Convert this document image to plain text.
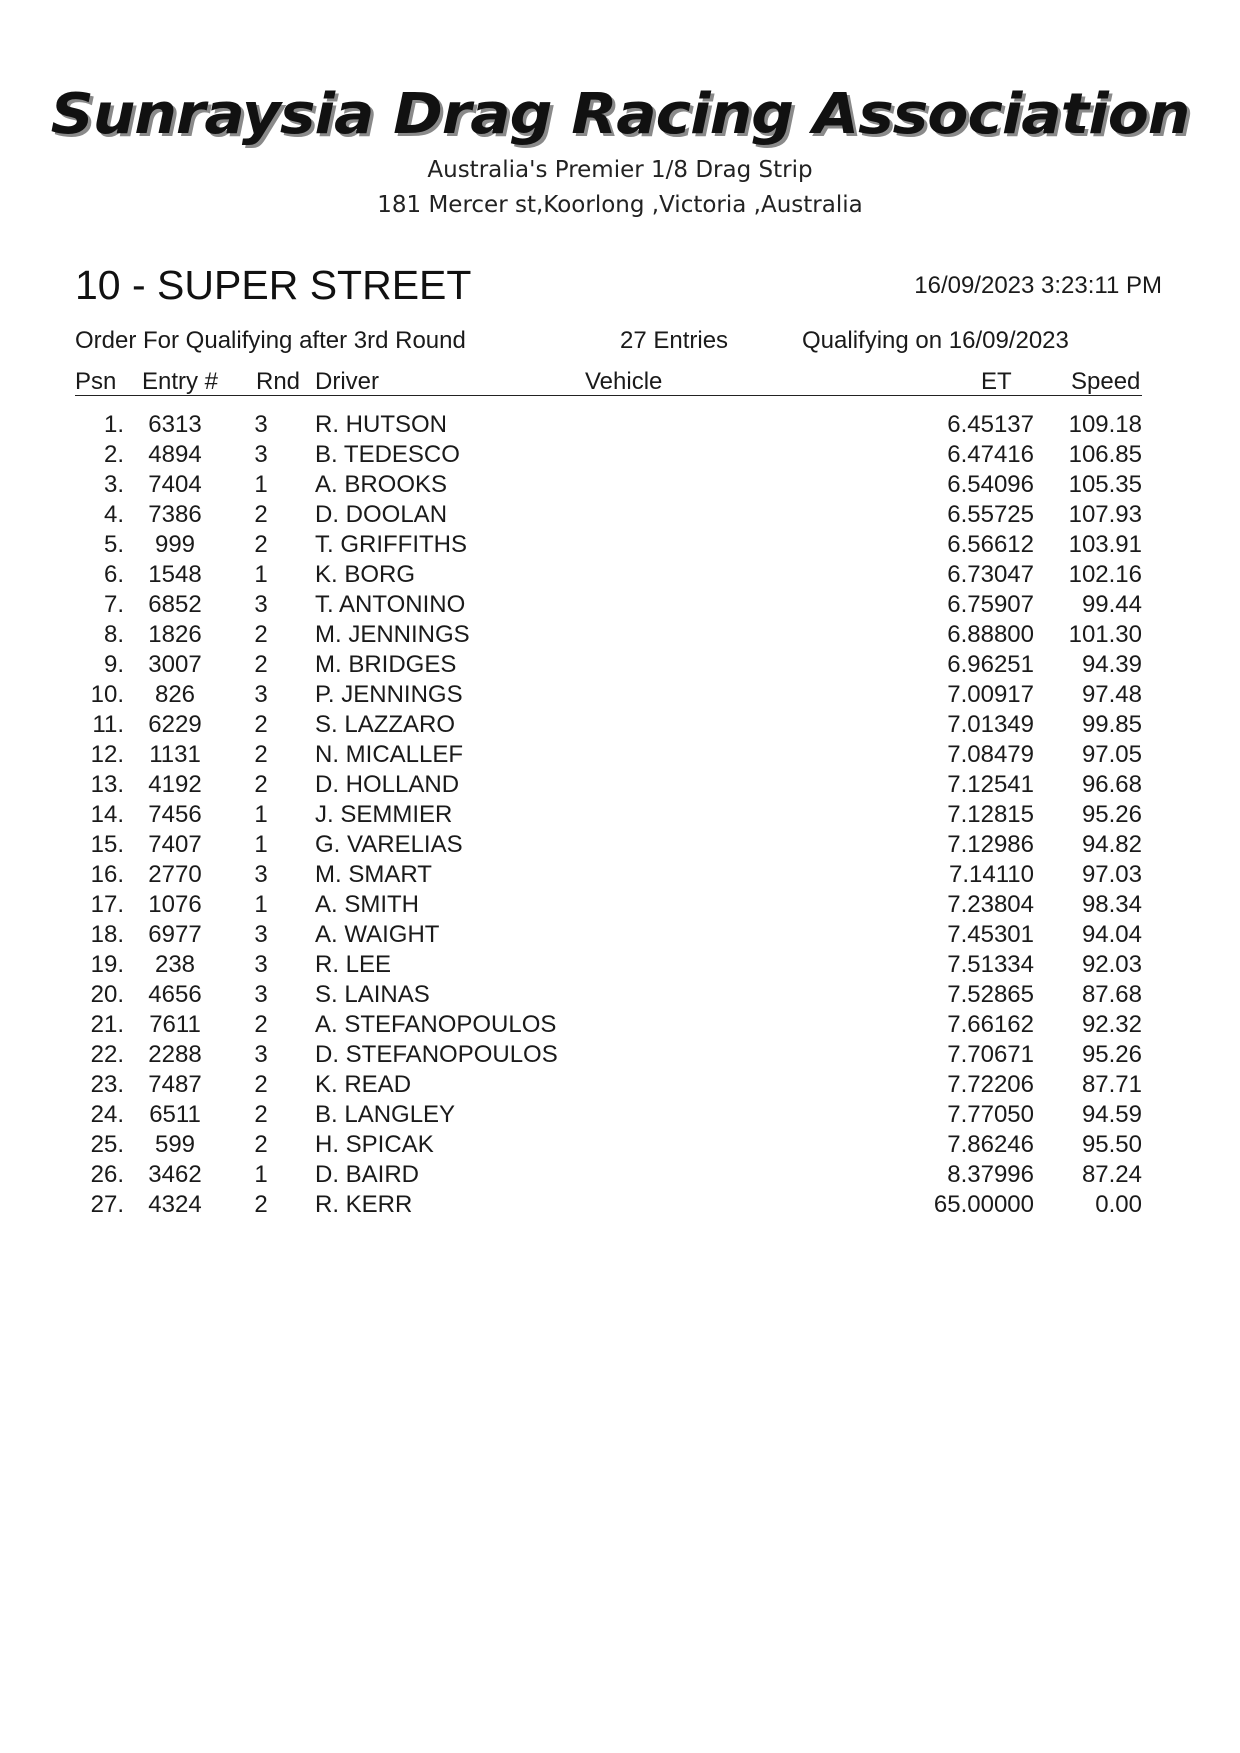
Sunraysia Drag Racing Association
Australia's Premier 1/8 Drag Strip
181 Mercer st,Koorlong ,Victoria ,Australia
10 - SUPER STREET	16/09/2023 3:23:11 PM
Order For Qualifying after 3rd Round	27 Entries	Qualifying on 16/09/2023
Psn Entry # Rnd Driver	Vehicle	ET Speed
1.	6313	3 R. HUTSON	6.45137 109.18
2.	4894	3 B. TEDESCO	6.47416 106.85
3.	7404	1 A. BROOKS	6.54096 105.35
4.	7386	2 D. DOOLAN	6.55725 107.93
5.	999	2 T. GRIFFITHS	6.56612 103.91
6.	1548	1 K. BORG	6.73047 102.16
7.	6852	3 T. ANTONINO	6.75907 99.44
8.	1826	2 M. JENNINGS	6.88800 101.30
9.	3007	2 M. BRIDGES	6.96251 94.39
10.	826	3 P. JENNINGS	7.00917 97.48
11.	6229	2 S. LAZZARO	7.01349 99.85
12.	1131	2 N. MICALLEF	7.08479 97.05
13.	4192	2 D. HOLLAND	7.12541 96.68
14.	7456	1 J. SEMMIER	7.12815 95.26
15.	7407	1 G. VARELIAS	7.12986 94.82
16.	2770	3 M. SMART	7.14110 97.03
17.	1076	1 A. SMITH	7.23804 98.34
18.	6977	3 A. WAIGHT	7.45301 94.04
19.	238	3 R. LEE	7.51334 92.03
20.	4656	3 S. LAINAS	7.52865 87.68
21.	7611	2 A. STEFANOPOULOS	7.66162 92.32
22.	2288	3 D. STEFANOPOULOS	7.70671 95.26
23.	7487	2 K. READ	7.72206 87.71
24.	6511	2 B. LANGLEY	7.77050 94.59
25.	599	2 H. SPICAK	7.86246 95.50
26.	3462	1 D. BAIRD	8.37996 87.24
27.	4324	2 R. KERR	65.00000	0.00
